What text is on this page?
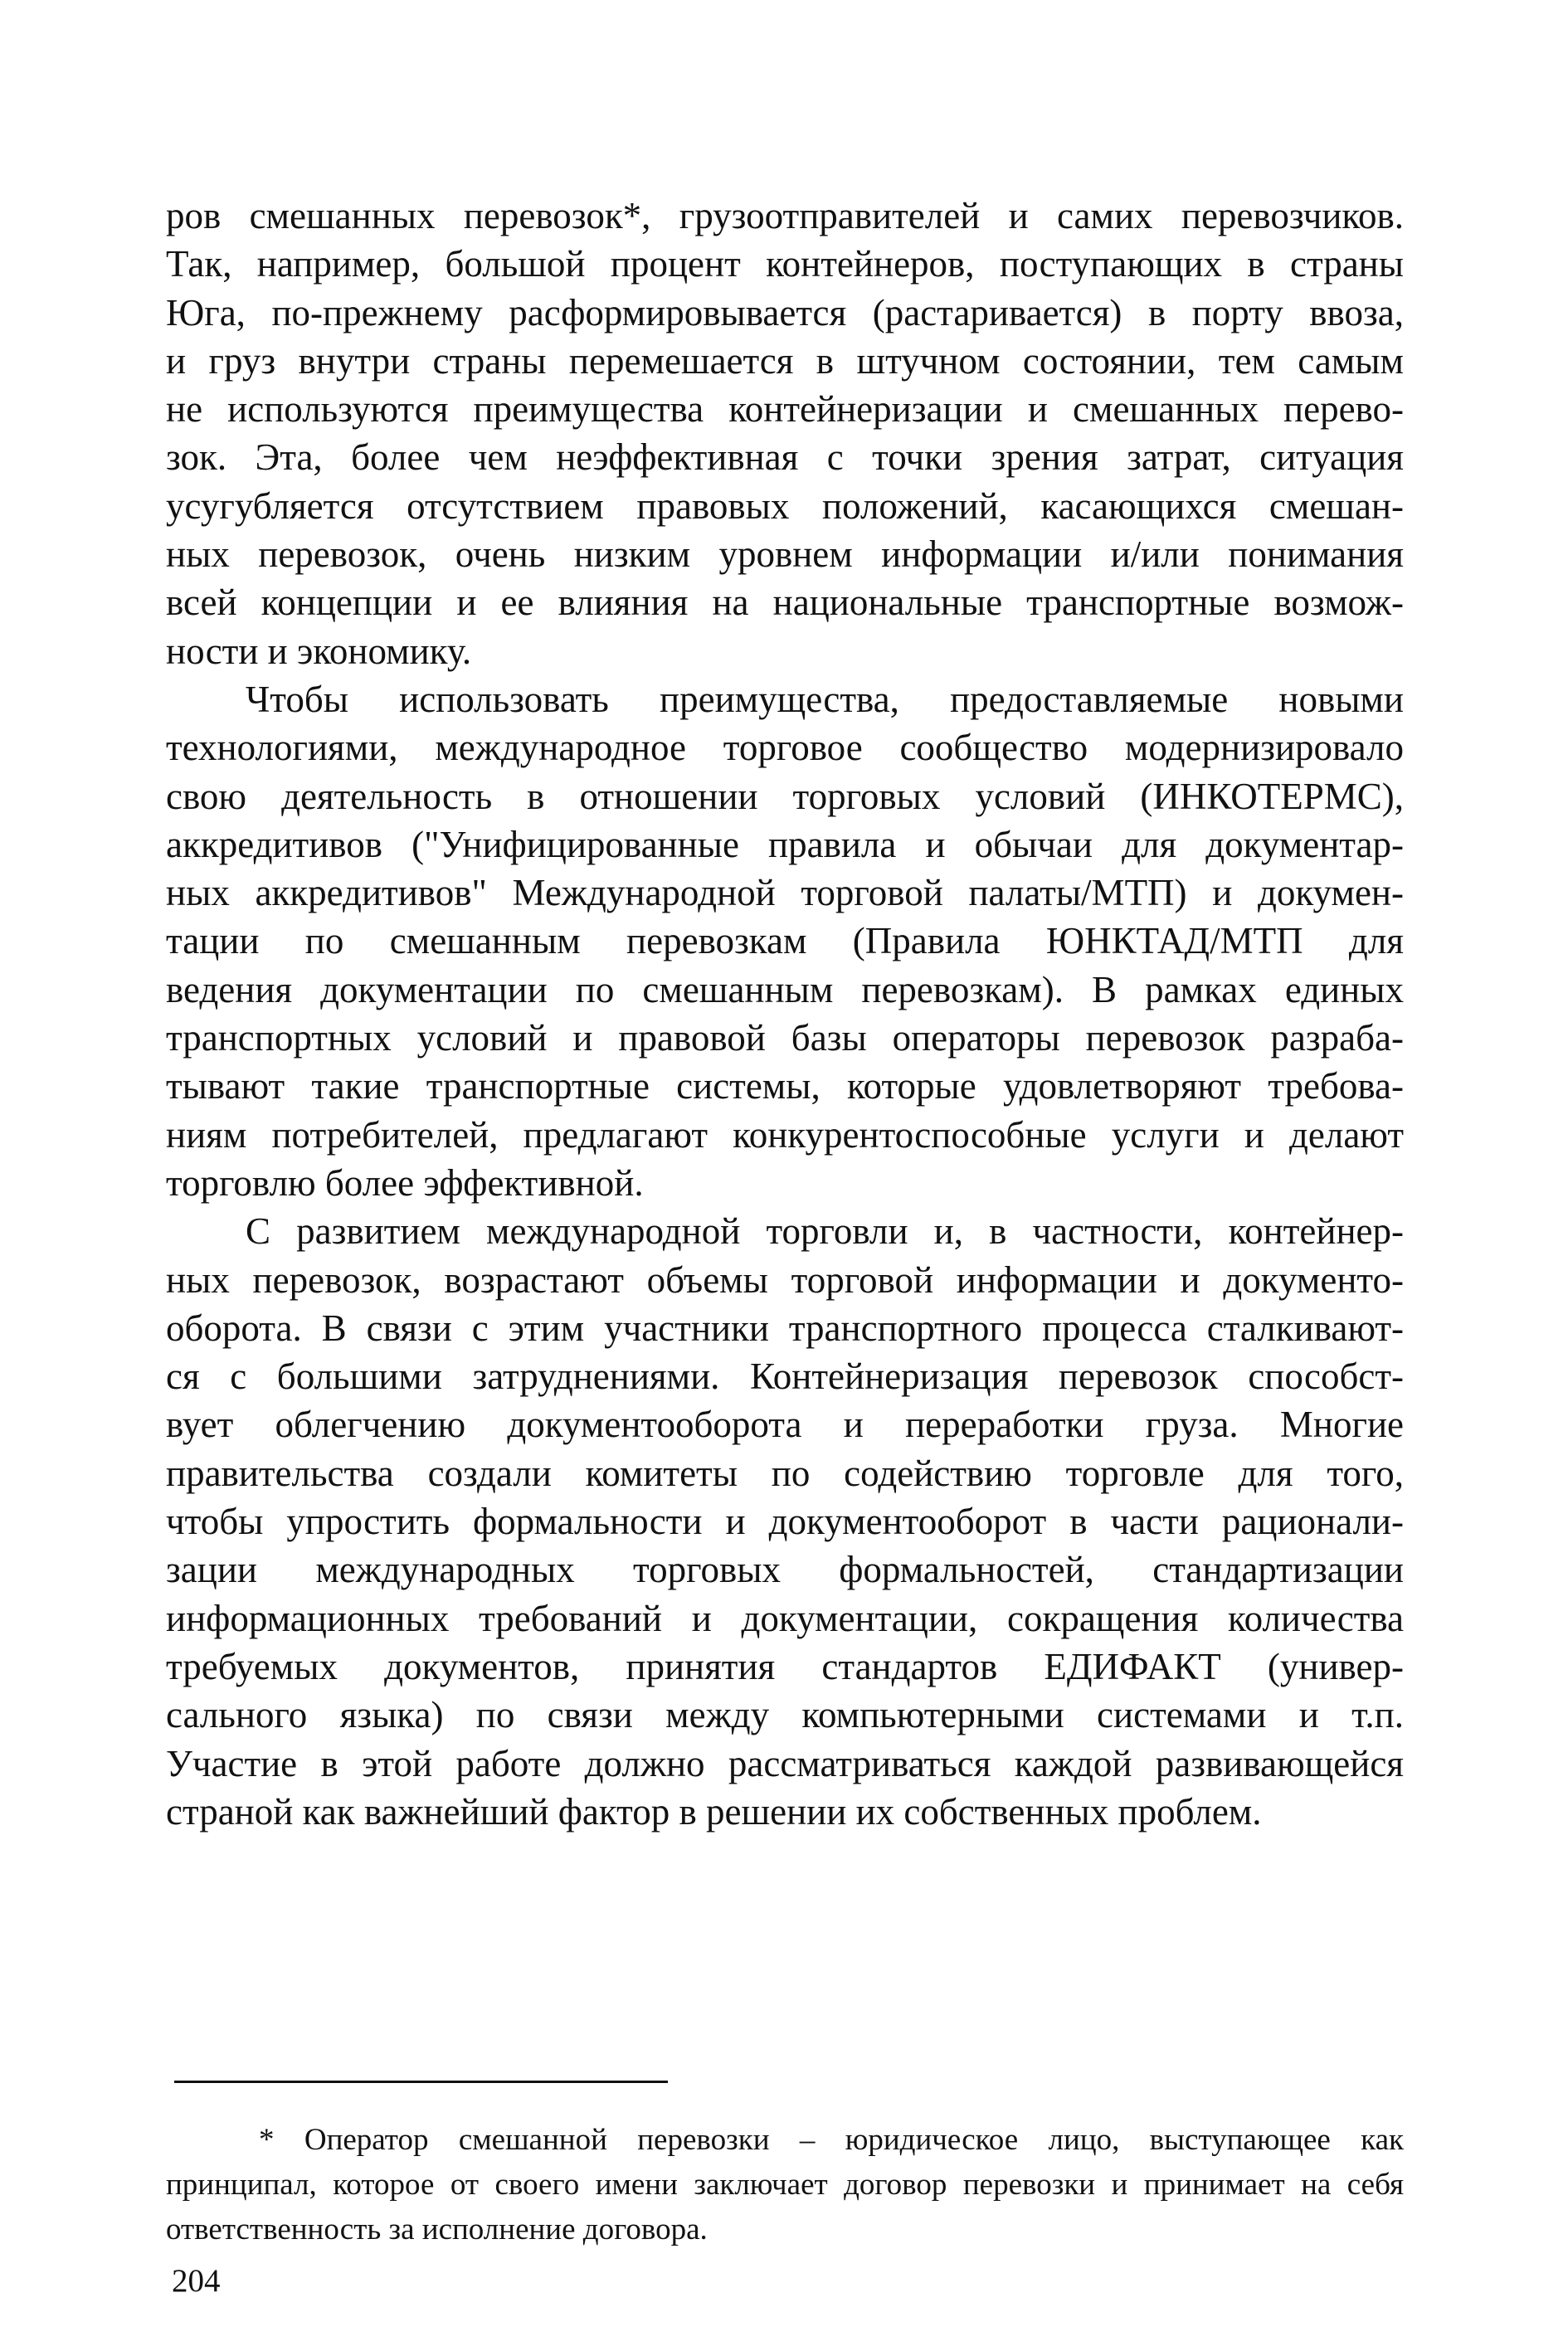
ров смешанных перевозок*, грузоотправителей и самих перевозчиков.
Так, например, большой процент контейнеров, поступающих в страны
Юга, по-прежнему расформировывается (растаривается) в порту ввоза,
и груз внутри страны перемешается в штучном состоянии, тем самым
не используются преимущества контейнеризации и смешанных перево-
зок. Эта, более чем неэффективная с точки зрения затрат, ситуация
усугубляется отсутствием правовых положений, касающихся смешан-
ных перевозок, очень низким уровнем информации и/или понимания
всей концепции и ее влияния на национальные транспортные возмож-
ности и экономику.

Чтобы использовать преимущества, предоставляемые новыми
технологиями, международное торговое сообщество модернизировало
свою деятельность в отношении торговых условий (ИНКОТЕРМС),
аккредитивов ("Унифицированные правила и обычаи для документар-
ных аккредитивов" Международной торговой палаты/МТП) и докумен-
тации по смешанным перевозкам (Правила ЮНКТАД/МТП для
ведения документации по смешанным перевозкам). В рамках единых
транспортных условий и правовой базы операторы перевозок разраба-
тывают такие транспортные системы, которые удовлетворяют требова-
ниям потребителей, предлагают конкурентоспособные услуги и делают
торговлю более эффективной.

С развитием международной торговли и, в частности, контейнер-
ных перевозок, возрастают объемы торговой информации и документо-
оборота. В связи с этим участники транспортного процесса сталкивают-
ся с большими затруднениями. Контейнеризация перевозок способст-
вует облегчению документооборота и переработки груза. Многие
правительства создали комитеты по содействию торговле для того,
чтобы упростить формальности и документооборот в части рационали-
зации международных торговых формальностей, стандартизации
информационных требований и документации, сокращения количества
требуемых документов, принятия стандартов ЕДИФАКТ (универ-
сального языка) по связи между компьютерными системами и т.п.
Участие в этой работе должно рассматриваться каждой развивающейся
страной как важнейший фактор в решении их собственных проблем.

* Оператор смешанной перевозки – юридическое лицо, выступающее как
принципал, которое от своего имени заключает договор перевозки и принимает на себя
ответственность за исполнение договора.
204
